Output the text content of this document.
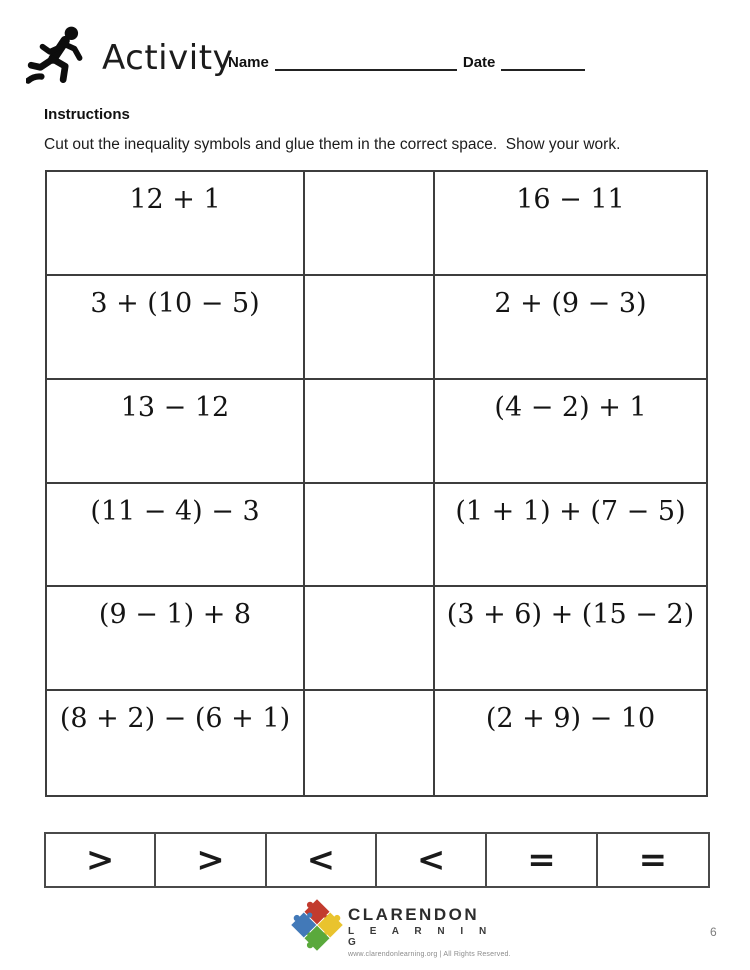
Activity
Name	Date
Instructions
Cut out the inequality symbols and glue them in the correct space.  Show your work.
12 + 1	16 − 11
3 + (10 − 5)	2 + (9 − 3)
13 − 12	(4 − 2) + 1
(11 − 4) − 3	(1 + 1) + (7 − 5)
(9 − 1) + 8	(3 + 6) + (15 − 2)
(8 + 2) − (6 + 1)	(2 + 9) − 10
>	>	<	<	=	=
CLARENDON
L E A R N I N G
www.clarendonlearning.org | All Rights Reserved.
6
